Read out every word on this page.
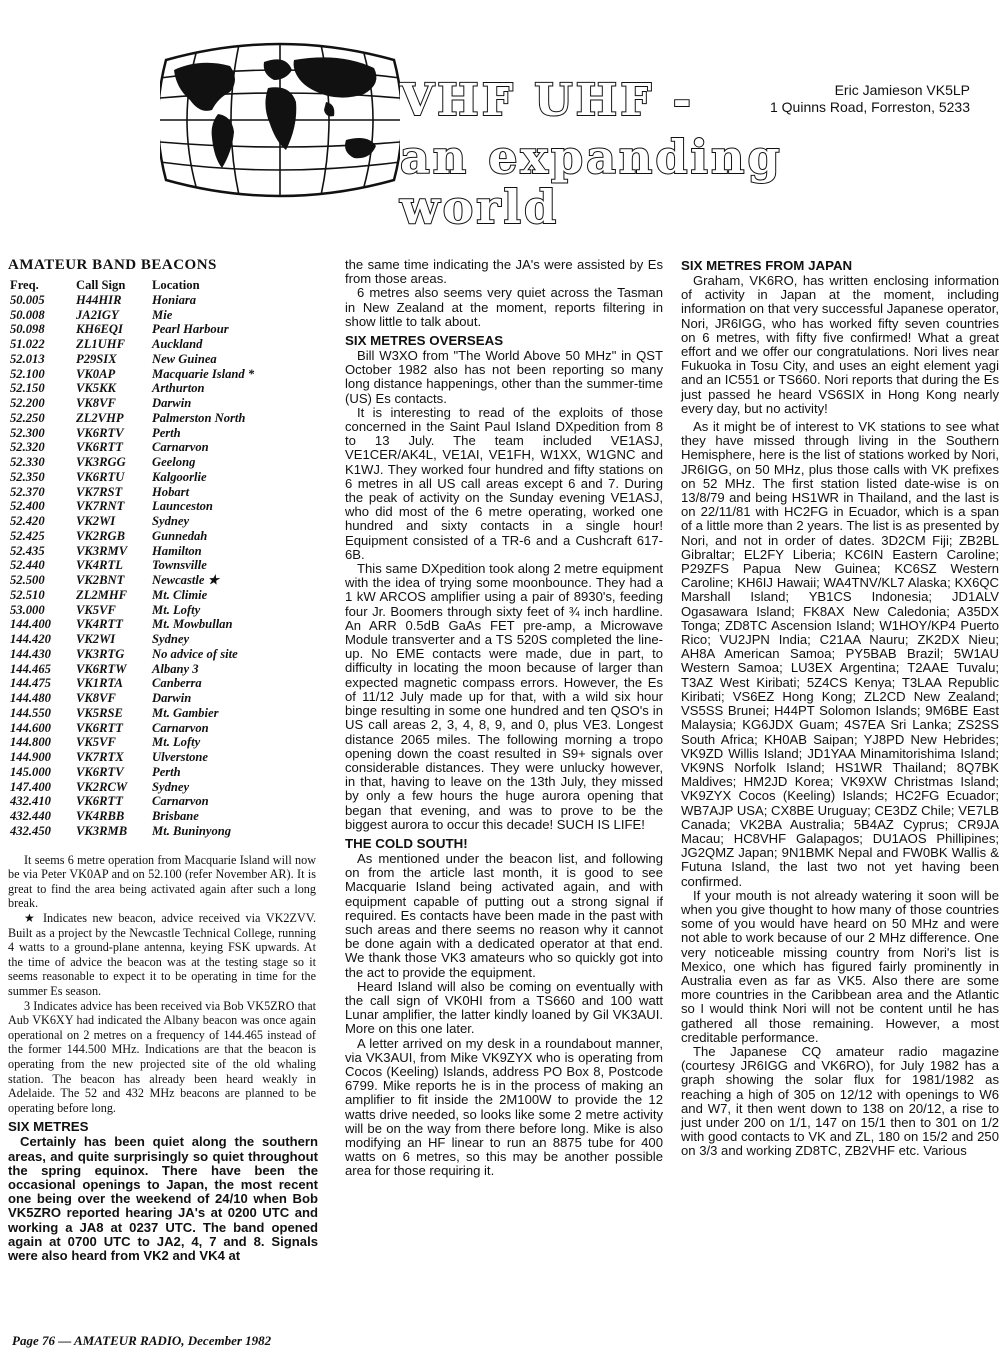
VHF UHF -
an expanding world
Eric Jamieson VK5LP
1 Quinns Road, Forreston, 5233
AMATEUR BAND BEACONS
Freq.	Call Sign	Location
50.005	H44HIR	Honiara
50.008	JA2IGY	Mie
50.098	KH6EQI	Pearl Harbour
51.022	ZL1UHF	Auckland
52.013	P29SIX	New Guinea
52.100	VK0AP	Macquarie Island *
52.150	VK5KK	Arthurton
52.200	VK8VF	Darwin
52.250	ZL2VHP	Palmerston North
52.300	VK6RTV	Perth
52.320	VK6RTT	Carnarvon
52.330	VK3RGG	Geelong
52.350	VK6RTU	Kalgoorlie
52.370	VK7RST	Hobart
52.400	VK7RNT	Launceston
52.420	VK2WI	Sydney
52.425	VK2RGB	Gunnedah
52.435	VK3RMV	Hamilton
52.440	VK4RTL	Townsville
52.500	VK2BNT	Newcastle ★
52.510	ZL2MHF	Mt. Climie
53.000	VK5VF	Mt. Lofty
144.400	VK4RTT	Mt. Mowbullan
144.420	VK2WI	Sydney
144.430	VK3RTG	No advice of site
144.465	VK6RTW	Albany 3
144.475	VK1RTA	Canberra
144.480	VK8VF	Darwin
144.550	VK5RSE	Mt. Gambier
144.600	VK6RTT	Carnarvon
144.800	VK5VF	Mt. Lofty
144.900	VK7RTX	Ulverstone
145.000	VK6RTV	Perth
147.400	VK2RCW	Sydney
432.410	VK6RTT	Carnarvon
432.440	VK4RBB	Brisbane
432.450	VK3RMB	Mt. Buninyong

It seems 6 metre operation from Macquarie Island will now be via Peter VK0AP and on 52.100 (refer November AR). It is great to find the area being activated again after such a long break.

★ Indicates new beacon, advice received via VK2ZVV. Built as a project by the Newcastle Technical College, running 4 watts to a ground-plane antenna, keying FSK upwards. At the time of advice the beacon was at the testing stage so it seems reasonable to expect it to be operating in time for the summer Es season.

3 Indicates advice has been received via Bob VK5ZRO that Aub VK6XY had indicated the Albany beacon was once again operational on 2 metres on a frequency of 144.465 instead of the former 144.500 MHz. Indications are that the beacon is operating from the new projected site of the old whaling station. The beacon has already been heard weakly in Adelaide. The 52 and 432 MHz beacons are planned to be operating before long.

SIX METRES

Certainly has been quiet along the southern areas, and quite surprisingly so quiet throughout the spring equinox. There have been the occasional openings to Japan, the most recent one being over the weekend of 24/10 when Bob VK5ZRO reported hearing JA's at 0200 UTC and working a JA8 at 0237 UTC. The band opened again at 0700 UTC to JA2, 4, 7 and 8. Signals were also heard from VK2 and VK4 at

the same time indicating the JA's were assisted by Es from those areas.

6 metres also seems very quiet across the Tasman in New Zealand at the moment, reports filtering in show little to talk about.

SIX METRES OVERSEAS

Bill W3XO from "The World Above 50 MHz" in QST October 1982 also has not been reporting so many long distance happenings, other than the summer-time (US) Es contacts.

It is interesting to read of the exploits of those concerned in the Saint Paul Island DXpedition from 8 to 13 July. The team included VE1ASJ, VE1CER/AK4L, VE1AI, VE1FH, W1XX, W1GNC and K1WJ. They worked four hundred and fifty stations on 6 metres in all US call areas except 6 and 7. During the peak of activity on the Sunday evening VE1ASJ, who did most of the 6 metre operating, worked one hundred and sixty contacts in a single hour! Equipment consisted of a TR-6 and a Cushcraft 617-6B.

This same DXpedition took along 2 metre equipment with the idea of trying some moonbounce. They had a 1 kW ARCOS amplifier using a pair of 8930's, feeding four Jr. Boomers through sixty feet of ¾ inch hardline. An ARR 0.5dB GaAs FET pre-amp, a Microwave Module transverter and a TS 520S completed the line-up. No EME contacts were made, due in part, to difficulty in locating the moon because of larger than expected magnetic compass errors. However, the Es of 11/12 July made up for that, with a wild six hour binge resulting in some one hundred and ten QSO's in US call areas 2, 3, 4, 8, 9, and 0, plus VE3. Longest distance 2065 miles. The following morning a tropo opening down the coast resulted in S9+ signals over considerable distances. They were unlucky however, in that, having to leave on the 13th July, they missed by only a few hours the huge aurora opening that began that evening, and was to prove to be the biggest aurora to occur this decade! SUCH IS LIFE!

THE COLD SOUTH!

As mentioned under the beacon list, and following on from the article last month, it is good to see Macquarie Island being activated again, and with equipment capable of putting out a strong signal if required. Es contacts have been made in the past with such areas and there seems no reason why it cannot be done again with a dedicated operator at that end. We thank those VK3 amateurs who so quickly got into the act to provide the equipment.

Heard Island will also be coming on eventually with the call sign of VK0HI from a TS660 and 100 watt Lunar amplifier, the latter kindly loaned by Gil VK3AUI. More on this one later.

A letter arrived on my desk in a roundabout manner, via VK3AUI, from Mike VK9ZYX who is operating from Cocos (Keeling) Islands, address PO Box 8, Postcode 6799. Mike reports he is in the process of making an amplifier to fit inside the 2M100W to provide the 12 watts drive needed, so looks like some 2 metre activity will be on the way from there before long. Mike is also modifying an HF linear to run an 8875 tube for 400 watts on 6 metres, so this may be another possible area for those requiring it.

SIX METRES FROM JAPAN

Graham, VK6RO, has written enclosing information of activity in Japan at the moment, including information on that very successful Japanese operator, Nori, JR6IGG, who has worked fifty seven countries on 6 metres, with fifty five confirmed! What a great effort and we offer our congratulations. Nori lives near Fukuoka in Tosu City, and uses an eight element yagi and an IC551 or TS660. Nori reports that during the Es just passed he heard VS6SIX in Hong Kong nearly every day, but no activity!

As it might be of interest to VK stations to see what they have missed through living in the Southern Hemisphere, here is the list of stations worked by Nori, JR6IGG, on 50 MHz, plus those calls with VK prefixes on 52 MHz. The first station listed date-wise is on 13/8/79 and being HS1WR in Thailand, and the last is on 22/11/81 with HC2FG in Ecuador, which is a span of a little more than 2 years. The list is as presented by Nori, and not in order of dates. 3D2CM Fiji; ZB2BL Gibraltar; EL2FY Liberia; KC6IN Eastern Caroline; P29ZFS Papua New Guinea; KC6SZ Western Caroline; KH6IJ Hawaii; WA4TNV/KL7 Alaska; KX6QC Marshall Island; YB1CS Indonesia; JD1ALV Ogasawara Island; FK8AX New Caledonia; A35DX Tonga; ZD8TC Ascension Island; W1HOY/KP4 Puerto Rico; VU2JPN India; C21AA Nauru; ZK2DX Nieu; AH8A American Samoa; PY5BAB Brazil; 5W1AU Western Samoa; LU3EX Argentina; T2AAE Tuvalu; T3AZ West Kiribati; 5Z4CS Kenya; T3LAA Republic Kiribati; VS6EZ Hong Kong; ZL2CD New Zealand; VS5SS Brunei; H44PT Solomon Islands; 9M6BE East Malaysia; KG6JDX Guam; 4S7EA Sri Lanka; ZS2SS South Africa; KH0AB Saipan; YJ8PD New Hebrides; VK9ZD Willis Island; JD1YAA Minamitorishima Island; VK9NS Norfolk Island; HS1WR Thailand; 8Q7BK Maldives; HM2JD Korea; VK9XW Christmas Island; VK9ZYX Cocos (Keeling) Islands; HC2FG Ecuador; WB7AJP USA; CX8BE Uruguay; CE3DZ Chile; VE7LB Canada; VK2BA Australia; 5B4AZ Cyprus; CR9JA Macau; HC8VHF Galapagos; DU1AOS Phillipines; JG2QMZ Japan; 9N1BMK Nepal and FW0BK Wallis & Futuna Island, the last two not yet having been confirmed.

If your mouth is not already watering it soon will be when you give thought to how many of those countries some of you would have heard on 50 MHz and were not able to work because of our 2 MHz difference. One very noticeable missing country from Nori's list is Mexico, one which has figured fairly prominently in Australia even as far as VK5. Also there are some more countries in the Caribbean area and the Atlantic so I would think Nori will not be content until he has gathered all those remaining. However, a most creditable performance.

The Japanese CQ amateur radio magazine (courtesy JR6IGG and VK6RO), for July 1982 has a graph showing the solar flux for 1981/1982 as reaching a high of 305 on 12/12 with openings to W6 and W7, it then went down to 138 on 20/12, a rise to just under 200 on 1/1, 147 on 15/1 then to 301 on 1/2 with good contacts to VK and ZL, 180 on 15/2 and 250 on 3/3 and working ZD8TC, ZB2VHF etc. Various

Page 76 — AMATEUR RADIO, December 1982
